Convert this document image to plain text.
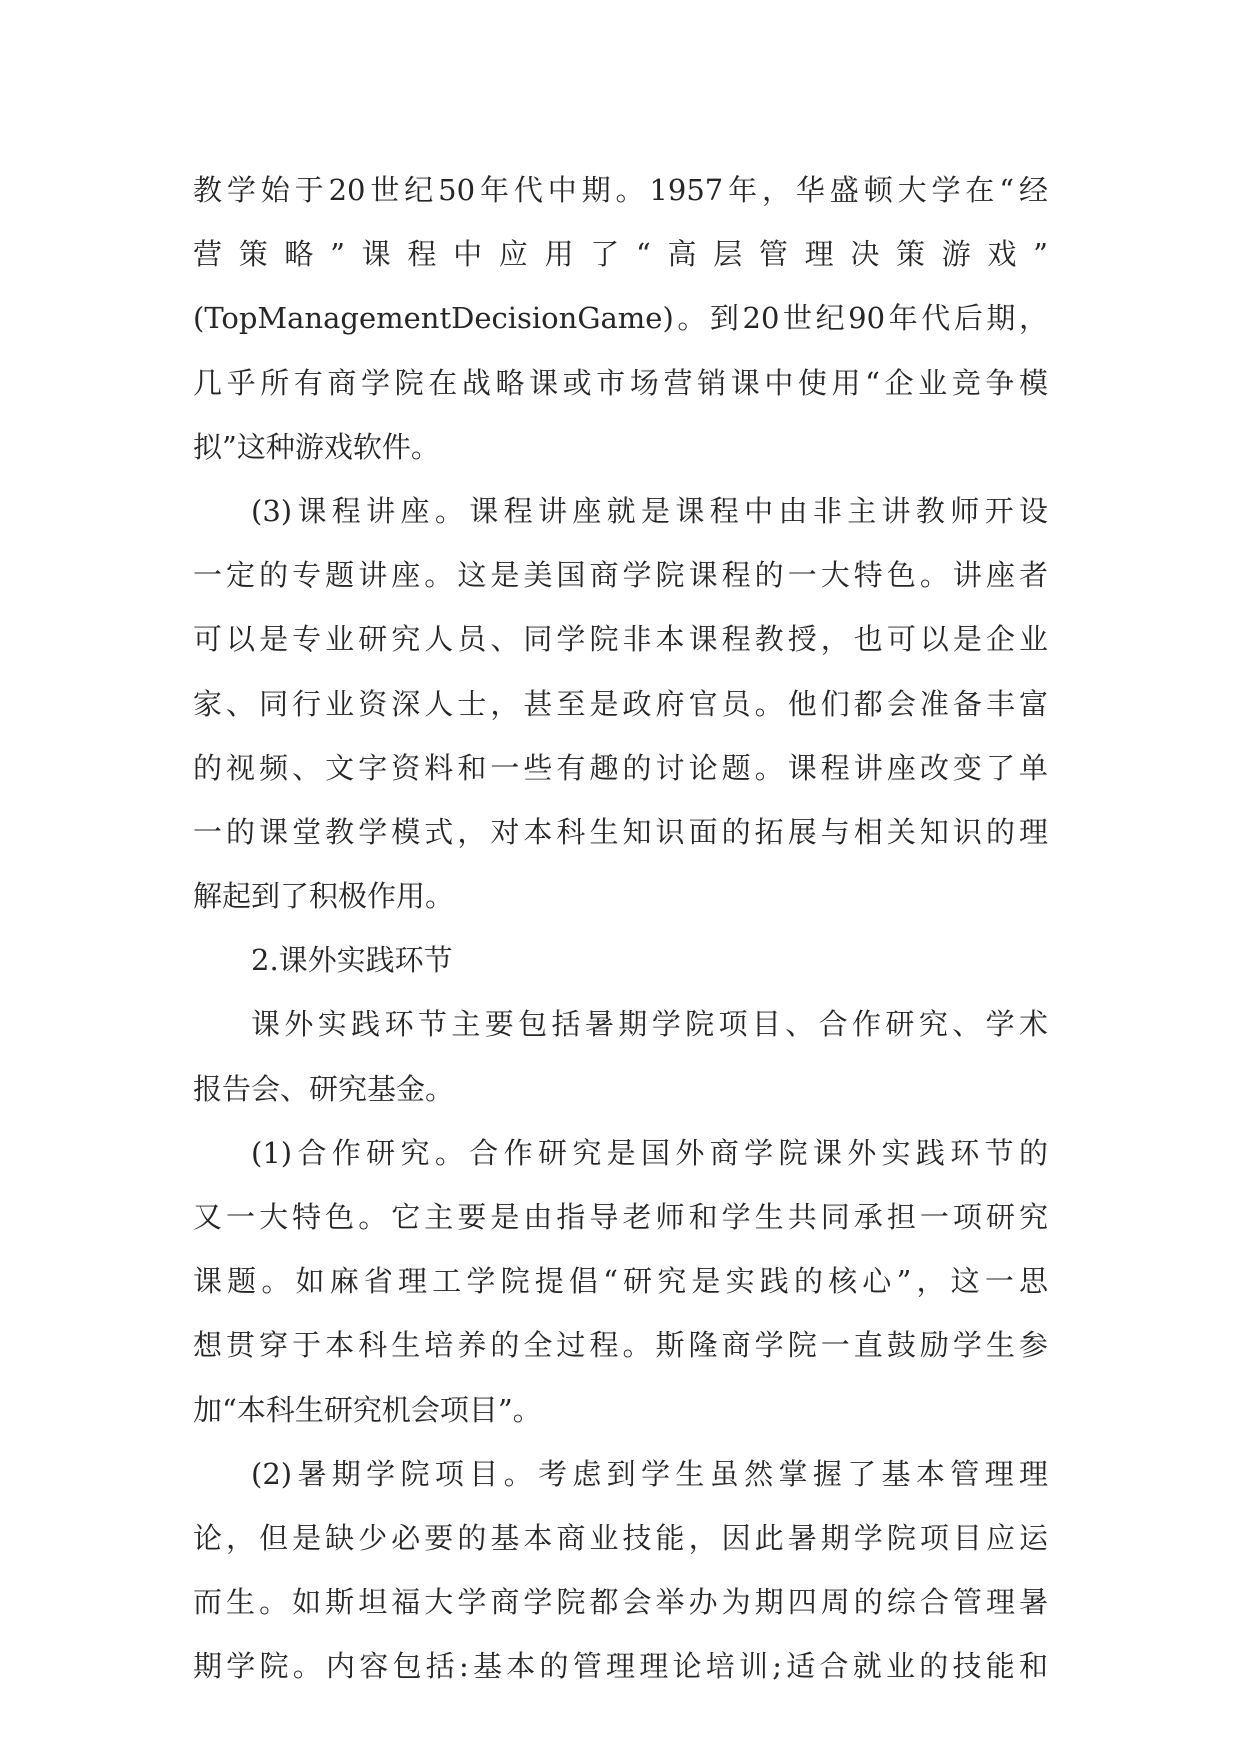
教学始于20世纪50年代中期。1957年，华盛顿大学在“经
营策略”课程中应用了“高层管理决策游戏”
(TopManagementDecisionGame)。到20世纪90年代后期，
几乎所有商学院在战略课或市场营销课中使用“企业竞争模
拟”这种游戏软件。
(3)课程讲座。课程讲座就是课程中由非主讲教师开设
一定的专题讲座。这是美国商学院课程的一大特色。讲座者
可以是专业研究人员、同学院非本课程教授，也可以是企业
家、同行业资深人士，甚至是政府官员。他们都会准备丰富
的视频、文字资料和一些有趣的讨论题。课程讲座改变了单
一的课堂教学模式，对本科生知识面的拓展与相关知识的理
解起到了积极作用。
2.课外实践环节
课外实践环节主要包括暑期学院项目、合作研究、学术
报告会、研究基金。
(1)合作研究。合作研究是国外商学院课外实践环节的
又一大特色。它主要是由指导老师和学生共同承担一项研究
课题。如麻省理工学院提倡“研究是实践的核心”，这一思
想贯穿于本科生培养的全过程。斯隆商学院一直鼓励学生参
加“本科生研究机会项目”。
(2)暑期学院项目。考虑到学生虽然掌握了基本管理理
论，但是缺少必要的基本商业技能，因此暑期学院项目应运
而生。如斯坦福大学商学院都会举办为期四周的综合管理暑
期学院。内容包括:基本的管理理论培训;适合就业的技能和
